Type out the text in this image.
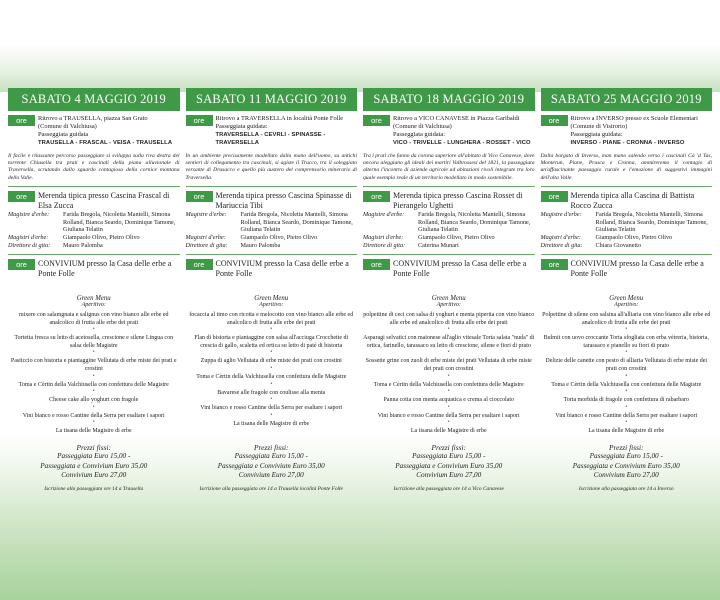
SABATO 4 MAGGIO 2019
ore 14,00
Ritrovo a TRAUSELLA, piazza San Grato
(Comune di Valchiusa)
Passeggiata guidata
TRAUSELLA - FRASCAL - VEISA - TRAUSELLA
Il facile e rilassante percorso passeggiato si sviluppa sulla riva destra del torrente Chiusella tra prati e cascinali della piana alluvionale di Traversella, scrutando dallo sguardo contagioso della cornice montana della Valle.
ore 17,30
Merenda tipica presso Cascina Frascal di Elsa Zucca
Magistre d'erbe:	Farida Bregola, Nicoletta Mantelli, Simona Rolland, Bianca Seardo, Dominique Tamone, Giuliana Telatin
Magistri d'erbe:	Giampaolo Olivo, Pietro Olivo
Direttore di gita:	Mauro Palomba
ore 19,30
CONVIVIUM presso la Casa delle erbe a Ponte Folle
Green Menu
Aperitivo:
mixere con salamgnata e salignus con vino bianco alle erbe ed analcolico di frutta alle erbe dei prati
•
Tortetta fresca su letto di acetosella, crescione e silene Lingua con salsa delle Magistre
•
Pasticcio con bistorta e piantaggine Vellutata di erbe miste dei prati e crostini
•
Toma e Cèrtin della Valchiusella con confettura delle Magistre
•
Cheese cake allo yoghurt con fragole
•
Vini bianco e rosso Cantine della Serra per esaltare i sapori
•
La tisana delle Magistre di erbe
Prezzi fissi:
Passeggiata Euro 15,00 -
Passeggiata e Convivium Euro 35,00
Convivium Euro 27,00
Iscrizione alla passeggiata ore 14 a Trausella
SABATO 11 MAGGIO 2019
ore 14,00
Ritrovo a TRAVERSELLA in località Ponte Folle
Passeggiata guidata:
TRAVERSELLA - CEVRLI - SPINASSE - TRAVERSELLA
In un ambiente precisamente modellato dalla mano dell'uomo, su antichi sentieri di collegamento tra cascinali, si agiste il Trucco, tra il soleggiato versante di Drusacco e quello più austero del comprensorio minerario di Traversella.
ore 17,30
Merenda tipica presso Cascina Spinasse di Mariuccia Tibi
Magistre d'erbe:	Farida Bregola, Nicoletta Mantelli, Simona Rolland, Bianca Seardo, Dominique Tamone, Giuliana Telatin
Magistri d'erbe:	Giampaolo Olivo, Pietro Olivo
Direttore di gita:	Mauro Palomba
ore 19,30
CONVIVIUM presso la Casa delle erbe a Ponte Folle
Green Menu
Aperitivo:
focaccia al timo con ricotta e melocotto con vino bianco alle erbe ed analcolico di frutta alle erbe dei prati
•
Flan di bistorta e piantaggine con salsa all'acciuga Crocchette di crescia di gallo, scaletta ed ortica su letto di paté di bistorta
•
Zuppa di aglio Vellutata di erbe miste dei prati con crostini
•
Toma e Cèrtin della Valchiusella con confettura delle Magistre
•
Bavarese alle fragole con coulisse alla menta
•
Vini bianco e rosso Cantine della Serra per esaltare i sapori
•
La tisana delle Magistre di erbe
Prezzi fissi:
Passeggiata Euro 15,00 -
Passeggiata e Convivium Euro 35,00
Convivium Euro 27,00
Iscrizione alla passeggiata ore 14 a Trausella località Ponte Folle
SABATO 18 MAGGIO 2019
ore 14,00
Ritrovo a VICO CANAVESE in Piazza Garibaldi
(Comune di Valchiusa)
Passeggiata guidata:
VICO - TRIVELLE - LUNGHERA - ROSSET - VICO
Tra i prati che fanno da corona superiore all'abitato di Vico Canavese, dove ancora aleggiano gli ideali dei martiri Valbrossesi del 1821, la passeggiata alterna l'incontro di aziende agricole ad abitazioni rivoli integrate tra loro quale esempio reale di un territorio modellato in modo sostenibile.
ore 17,30
Merenda tipica presso Cascina Rosset di Pierangelo Ughetti
Magistre d'erbe:	Farida Bregola, Nicoletta Mantelli, Simona Rolland, Bianca Seardo, Dominique Tamone, Giuliana Telatin
Magistri d'erbe:	Giampaolo Olivo, Pietro Olivo
Direttore di gita:	Caterina Munari
ore 19,30
CONVIVIUM presso la Casa delle erbe a Ponte Folle
Green Menu
Aperitivo:
polpettine di ceci con salsa di yoghurt e menta piperita con vino bianco alle erbe ed analcolico di frutta alle erbe dei prati
•
Asparagi selvatici con maionese all'aglio vitesale Torta salata "nuda" di ortica, farinello, tarassaco su letto di crescione, silene e fiori di prato
•
Sossette grine con zuoli di erbe miste dei prati Vellutata di erbe miste dei prati con crostini
•
Toma e Cèrtin della Valchiusella con confettura delle Magistre
•
Panna cotta con menta acquatica e crema al cioccolato
•
Vini bianco e rosso Cantine della Serra per esaltare i sapori
•
La tisana delle Magistre di erbe
Prezzi fissi:
Passeggiata Euro 15,00 -
Passeggiata e Convivium Euro 35,00
Convivium Euro 27,00
Iscrizione alla passeggiata ore 14 a Vico Canavese
SABATO 25 MAGGIO 2019
ore 14,00
Ritrovo a INVERSO presso ex Scuole Elementari
(Comune di Vistrorio)
Passeggiata guidata:
INVERSO - PIANE - CRONNA - INVERSO
Dalla borgata di Inverso, man mano salendo verso i cascinali Cà 'd Tas, Monterun, Piane, Prasca e Cronna, ammireremo il contagio di un'affascinante paesaggio rurale e l'emozione di suggestivi immagini dell'alta Valle.
ore 17,00
Merenda tipica alla Cascina di Battista Rocco Zucca
Magistre d'erbe:	Farida Bregola, Nicoletta Mantelli, Simona Rolland, Bianca Seardo, Dominique Tamone, Giuliana Telatin
Magistri d'erbe:	Giampaolo Olivo, Pietro Olivo
Direttore di gita:	Chiara Giovanetto
ore 19,30
CONVIVIUM presso la Casa delle erbe a Ponte Folle
Green Menu
Aperitivo:
Polpettine di silene con salsina all'alliaria con vino bianco alle erbe ed analcolico di frutta alle erbe dei prati
•
Bulmit con uovo croccante Torta sfogliata con erba vètreria, bistorta, tarassaco e pianello su fiori di prato
•
Delizie delle canette con pesto di alliaria Vellutata di erbe miste dei prati con crostini
•
Toma e Cèrtin della Valchiusella con confettura delle Magistre
•
Torta morbida di fragole con confettura di rabarbaro
•
Vini bianco e rosso Cantine della Serra per esaltare i sapori
•
La tisana delle Magistre di erbe
Prezzi fissi:
Passeggiata Euro 15,00 -
Passeggiata e Convivium Euro 35,00
Convivium Euro 27,00
Iscrizione alla passeggiata ore 14 a Inverso
